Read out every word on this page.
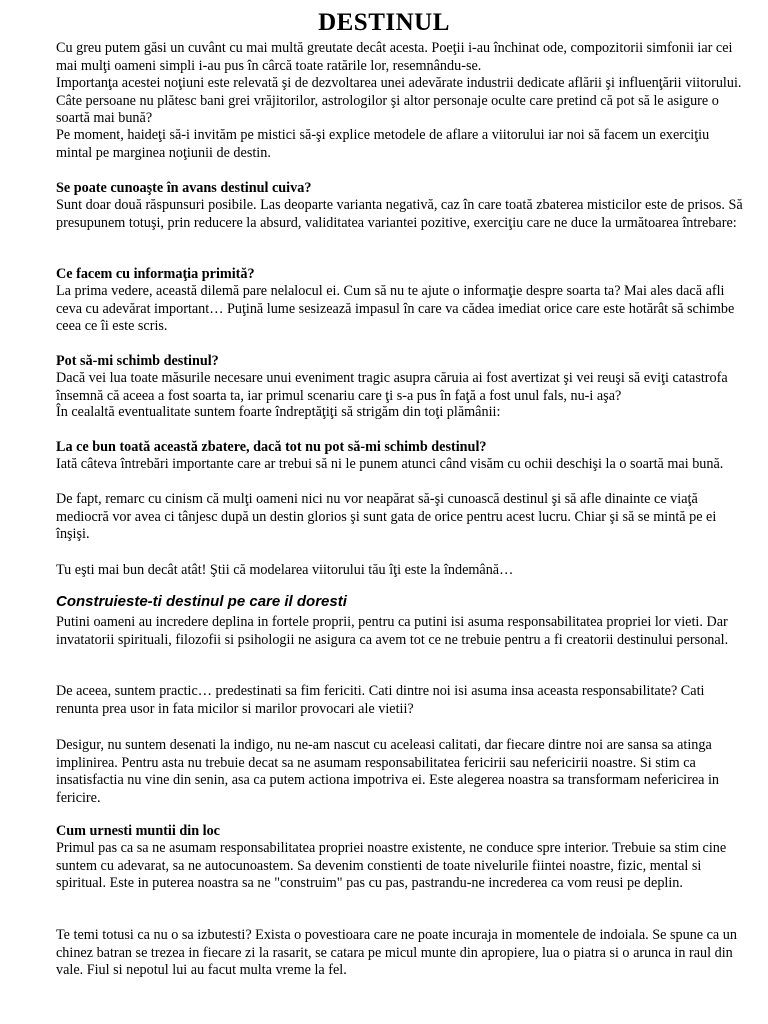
DESTINUL

Cu greu putem găsi un cuvânt cu mai multă greutate decât acesta. Poeţii i-au închinat ode, compozitorii simfonii iar cei mai mulţi oameni simpli i-au pus în cârcă toate ratările lor, resemnându-se.

Importanţa acestei noţiuni este relevată şi de dezvoltarea unei adevărate industrii dedicate aflării şi influenţării viitorului. Câte persoane nu plătesc bani grei vrăjitorilor, astrologilor şi altor personaje oculte care pretind că pot să le asigure o soartă mai bună?

Pe moment, haideţi să-i invităm pe mistici să-şi explice metodele de aflare a viitorului iar noi să facem un exerciţiu mintal pe marginea noţiunii de destin.

Se poate cunoaşte în avans destinul cuiva?

Sunt doar două răspunsuri posibile. Las deoparte varianta negativă, caz în care toată zbaterea misticilor este de prisos. Să presupunem totuşi, prin reducere la absurd, validitatea variantei pozitive, exerciţiu care ne duce la următoarea întrebare:

Ce facem cu informaţia primită?

La prima vedere, această dilemă pare nelalocul ei. Cum să nu te ajute o informaţie despre soarta ta? Mai ales dacă afli ceva cu adevărat important… Puţină lume sesizează impasul în care va cădea imediat orice care este hotărât să schimbe ceea ce îi este scris.

Pot să-mi schimb destinul?

Dacă vei lua toate măsurile necesare unui eveniment tragic asupra căruia ai fost avertizat şi vei reuşi să eviţi catastrofa însemnă că aceea a fost soarta ta, iar primul scenariu care ţi s-a pus în faţă a fost unul fals, nu-i aşa?

În cealaltă eventualitate suntem foarte îndreptăţiţi să strigăm din toţi plămânii:

La ce bun toată această zbatere, dacă tot nu pot să-mi schimb destinul?

Iată câteva întrebări importante care ar trebui să ni le punem atunci când visăm cu ochii deschişi la o soartă mai bună.

De fapt, remarc cu cinism că mulţi oameni nici nu vor neapărat să-şi cunoască destinul şi să afle dinainte ce viaţă mediocră vor avea ci tânjesc după un destin glorios şi sunt gata de orice pentru acest lucru. Chiar şi să se mintă pe ei înşişi.

Tu eşti mai bun decât atât! Ştii că modelarea viitorului tău îţi este la îndemână…

Construieste-ti destinul pe care il doresti

Putini oameni au incredere deplina in fortele proprii, pentru ca putini isi asuma responsabilitatea propriei lor vieti. Dar invatatorii spirituali, filozofii si psihologii ne asigura ca avem tot ce ne trebuie pentru a fi creatorii destinului personal.

De aceea, suntem practic… predestinati sa fim fericiti. Cati dintre noi isi asuma insa aceasta responsabilitate? Cati renunta prea usor in fata micilor si marilor provocari ale vietii?

Desigur, nu suntem desenati la indigo, nu ne-am nascut cu aceleasi calitati, dar fiecare dintre noi are sansa sa atinga implinirea. Pentru asta nu trebuie decat sa ne asumam responsabilitatea fericirii sau nefericirii noastre. Si stim ca insatisfactia nu vine din senin, asa ca putem actiona impotriva ei. Este alegerea noastra sa transformam nefericirea in fericire.

Cum urnesti muntii din loc

Primul pas ca sa ne asumam responsabilitatea propriei noastre existente, ne conduce spre interior. Trebuie sa stim cine suntem cu adevarat, sa ne autocunoastem. Sa devenim constienti de toate nivelurile fiintei noastre, fizic, mental si spiritual. Este in puterea noastra sa ne "construim" pas cu pas, pastrandu-ne increderea ca vom reusi pe deplin.

Te temi totusi ca nu o sa izbutesti? Exista o povestioara care ne poate incuraja in momentele de indoiala. Se spune ca un chinez batran se trezea in fiecare zi la rasarit, se catara pe micul munte din apropiere, lua o piatra si o arunca in raul din vale. Fiul si nepotul lui au facut multa vreme la fel.
